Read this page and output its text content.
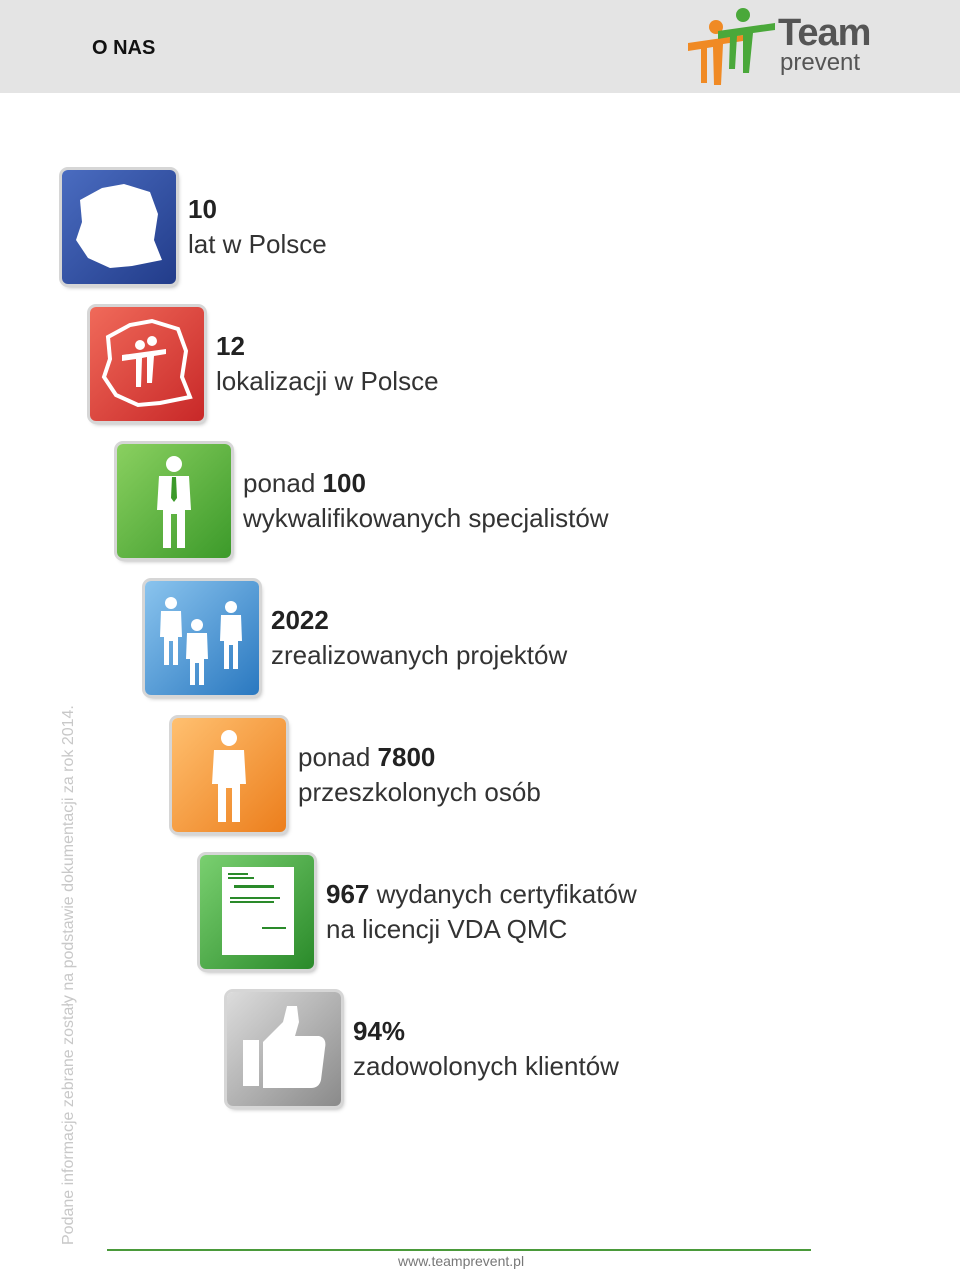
O NAS	Team
prevent
Podane informacje zebrane zostały na podstawie dokumentacji za rok 2014.
10
lat w Polsce
12
lokalizacji w Polsce
ponad 100
wykwalifikowanych specjalistów
2022
zrealizowanych projektów
ponad 7800
przeszkolonych osób
967 wydanych certyfikatów
na licencji VDA QMC
94%
zadowolonych klientów
www.teamprevent.pl
